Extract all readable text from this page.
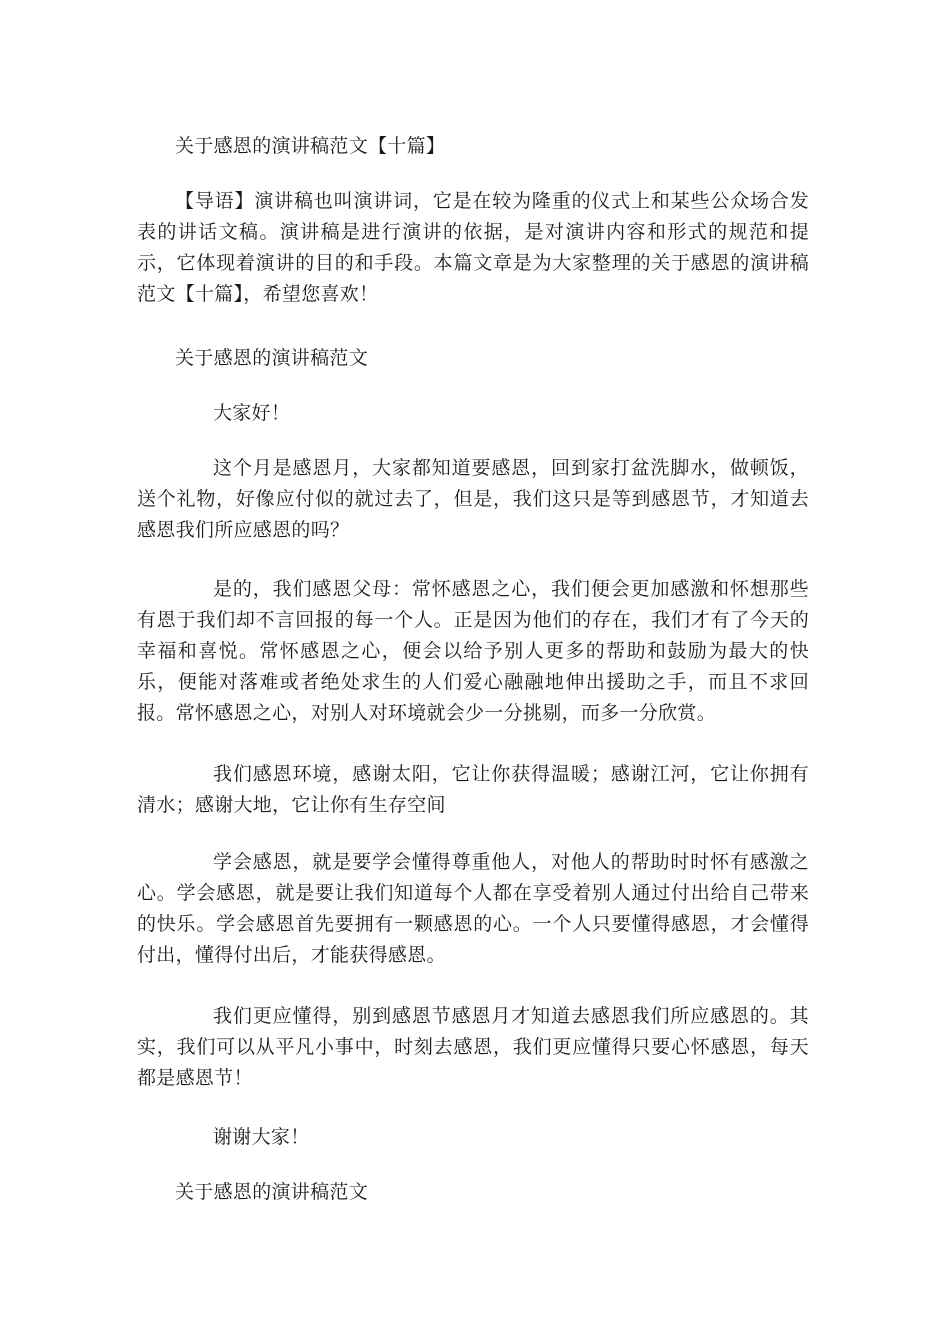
关于感恩的演讲稿范文【十篇】

【导语】演讲稿也叫演讲词，它是在较为隆重的仪式上和某些公众场合发表的讲话文稿。演讲稿是进行演讲的依据，是对演讲内容和形式的规范和提示，它体现着演讲的目的和手段。本篇文章是为大家整理的关于感恩的演讲稿范文【十篇】，希望您喜欢！

关于感恩的演讲稿范文

大家好！

这个月是感恩月，大家都知道要感恩，回到家打盆洗脚水，做顿饭，送个礼物，好像应付似的就过去了，但是，我们这只是等到感恩节，才知道去感恩我们所应感恩的吗？

是的，我们感恩父母：常怀感恩之心，我们便会更加感激和怀想那些有恩于我们却不言回报的每一个人。正是因为他们的存在，我们才有了今天的幸福和喜悦。常怀感恩之心，便会以给予别人更多的帮助和鼓励为最大的快乐，便能对落难或者绝处求生的人们爱心融融地伸出援助之手，而且不求回报。常怀感恩之心，对别人对环境就会少一分挑剔，而多一分欣赏。

我们感恩环境，感谢太阳，它让你获得温暖；感谢江河，它让你拥有清水；感谢大地，它让你有生存空间

学会感恩，就是要学会懂得尊重他人，对他人的帮助时时怀有感激之心。学会感恩，就是要让我们知道每个人都在享受着别人通过付出给自己带来的快乐。学会感恩首先要拥有一颗感恩的心。一个人只要懂得感恩，才会懂得付出，懂得付出后，才能获得感恩。

我们更应懂得，别到感恩节感恩月才知道去感恩我们所应感恩的。其实，我们可以从平凡小事中，时刻去感恩，我们更应懂得只要心怀感恩，每天都是感恩节！

谢谢大家！

关于感恩的演讲稿范文
